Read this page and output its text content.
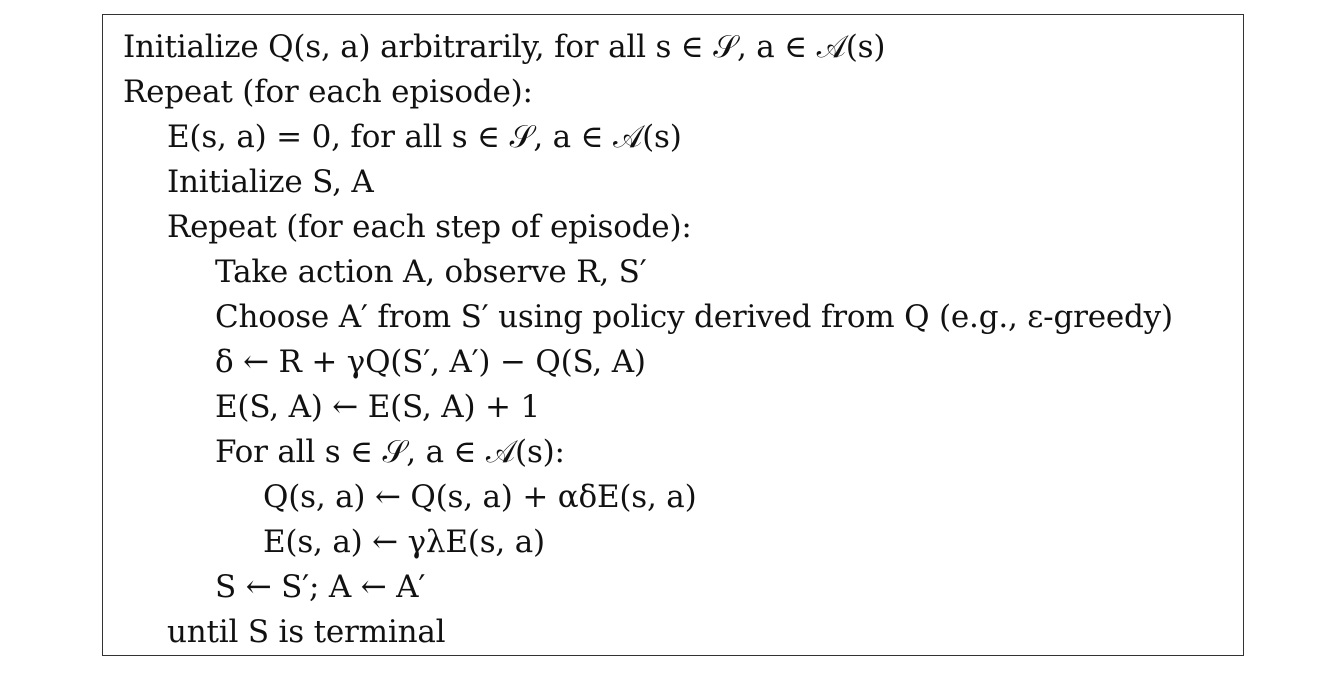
Initialize Q(s, a) arbitrarily, for all s ∈ 𝒮, a ∈ 𝒜(s)
Repeat (for each episode):
E(s, a) = 0, for all s ∈ 𝒮, a ∈ 𝒜(s)
Initialize S, A
Repeat (for each step of episode):
Take action A, observe R, S′
Choose A′ from S′ using policy derived from Q (e.g., ε-greedy)
δ ← R + γQ(S′, A′) − Q(S, A)
E(S, A) ← E(S, A) + 1
For all s ∈ 𝒮, a ∈ 𝒜(s):
Q(s, a) ← Q(s, a) + αδE(s, a)
E(s, a) ← γλE(s, a)
S ← S′; A ← A′
until S is terminal
